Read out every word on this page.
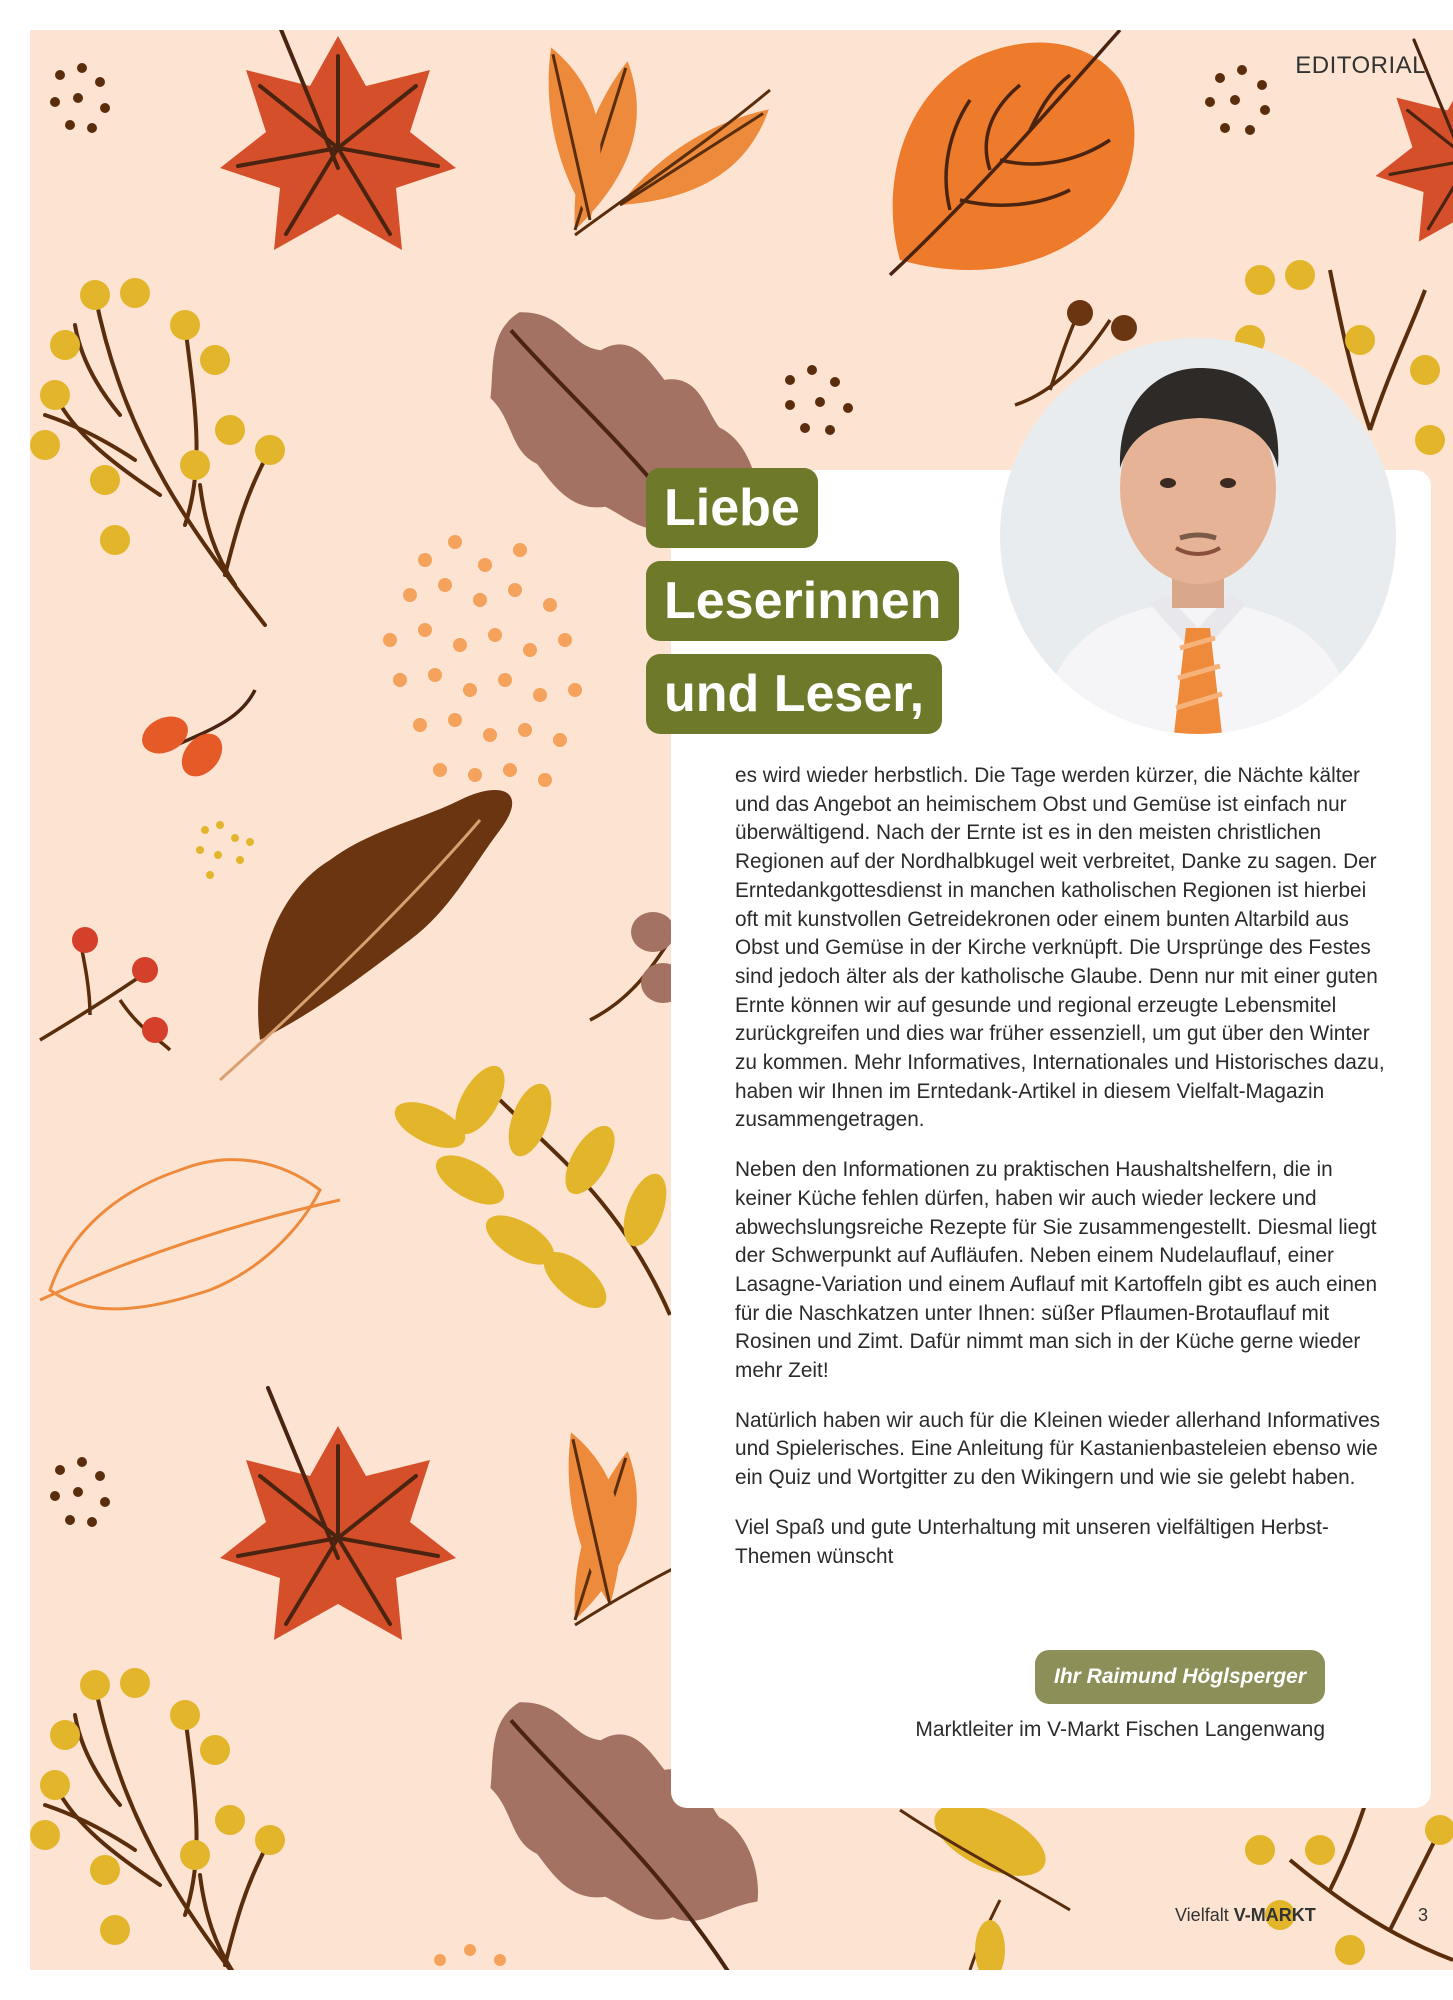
EDITORIAL
Liebe
Leserinnen
und Leser,

es wird wieder herbstlich. Die Tage werden kürzer, die Nächte kälter und das Angebot an heimischem Obst und Gemüse ist einfach nur überwältigend. Nach der Ernte ist es in den meisten christlichen Regionen auf der Nordhalbkugel weit verbreitet, Danke zu sagen. Der Erntedankgottesdienst in manchen katholischen Regionen ist hierbei oft mit kunstvollen Getreidekronen oder einem bunten Altarbild aus Obst und Gemüse in der Kirche verknüpft. Die Ursprünge des Festes sind jedoch älter als der katholische Glaube. Denn nur mit einer guten Ernte können wir auf gesunde und regional erzeugte Lebensmitel zurückgreifen und dies war früher essenziell, um gut über den Winter zu kommen. Mehr Informatives, Internationales und Historisches dazu, haben wir Ihnen im Erntedank-Artikel in diesem Vielfalt-Magazin zusammengetragen.

Neben den Informationen zu praktischen Haushaltshelfern, die in keiner Küche fehlen dürfen, haben wir auch wieder leckere und abwechslungsreiche Rezepte für Sie zusammengestellt. Diesmal liegt der Schwerpunkt auf Aufläufen. Neben einem Nudelauflauf, einer Lasagne-Variation und einem Auflauf mit Kartoffeln gibt es auch einen für die Naschkatzen unter Ihnen: süßer Pflaumen-Brotauflauf mit Rosinen und Zimt. Dafür nimmt man sich in der Küche gerne wieder mehr Zeit!

Natürlich haben wir auch für die Kleinen wieder allerhand Informatives und Spielerisches. Eine Anleitung für Kastanienbasteleien ebenso wie ein Quiz und Wortgitter zu den Wikingern und wie sie gelebt haben.

Viel Spaß und gute Unterhaltung mit unseren vielfältigen Herbst-Themen wünscht

Ihr Raimund Höglsperger
Marktleiter im V-Markt Fischen Langenwang
Vielfalt V-MARKT	3
